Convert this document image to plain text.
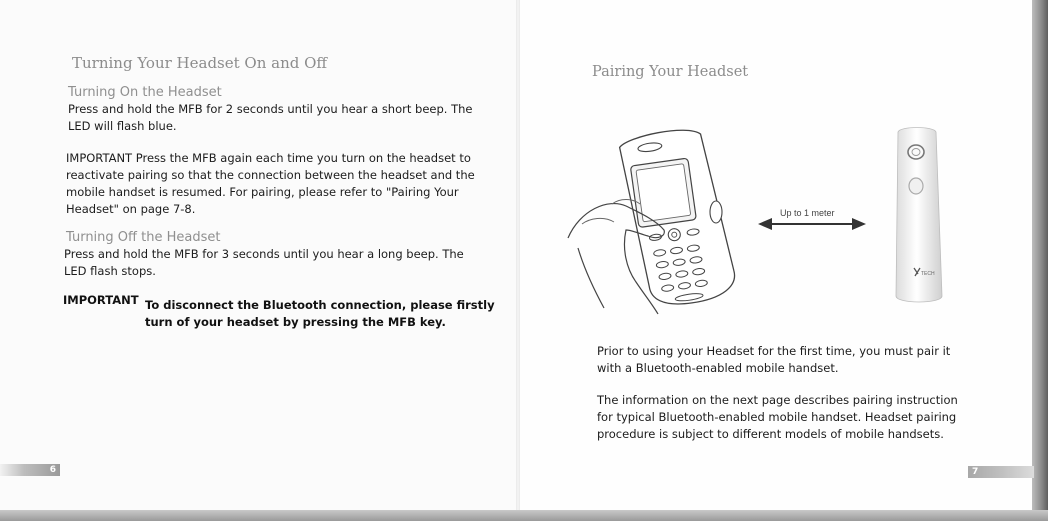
Turning Your Headset On and Off
Turning On the Headset
Press and hold the MFB for 2 seconds until you hear a short beep. The
LED will flash blue.
IMPORTANT Press the MFB again each time you turn on the headset to
reactivate pairing so that the connection between the headset and the
mobile handset is resumed. For pairing, please refer to "Pairing Your
Headset" on page 7-8.
Turning Off the Headset
Press and hold the MFB for 3 seconds until you hear a long beep. The
LED flash stops.
IMPORTANT To disconnect the Bluetooth connection, please firstly
turn of your headset by pressing the MFB key.
6
Pairing Your Headset
Up to 1 meter
TECH
Prior to using your Headset for the first time, you must pair it
with a Bluetooth-enabled mobile handset.
The information on the next page describes pairing instruction
for typical Bluetooth-enabled mobile handset. Headset pairing
procedure is subject to different models of mobile handsets.
7
